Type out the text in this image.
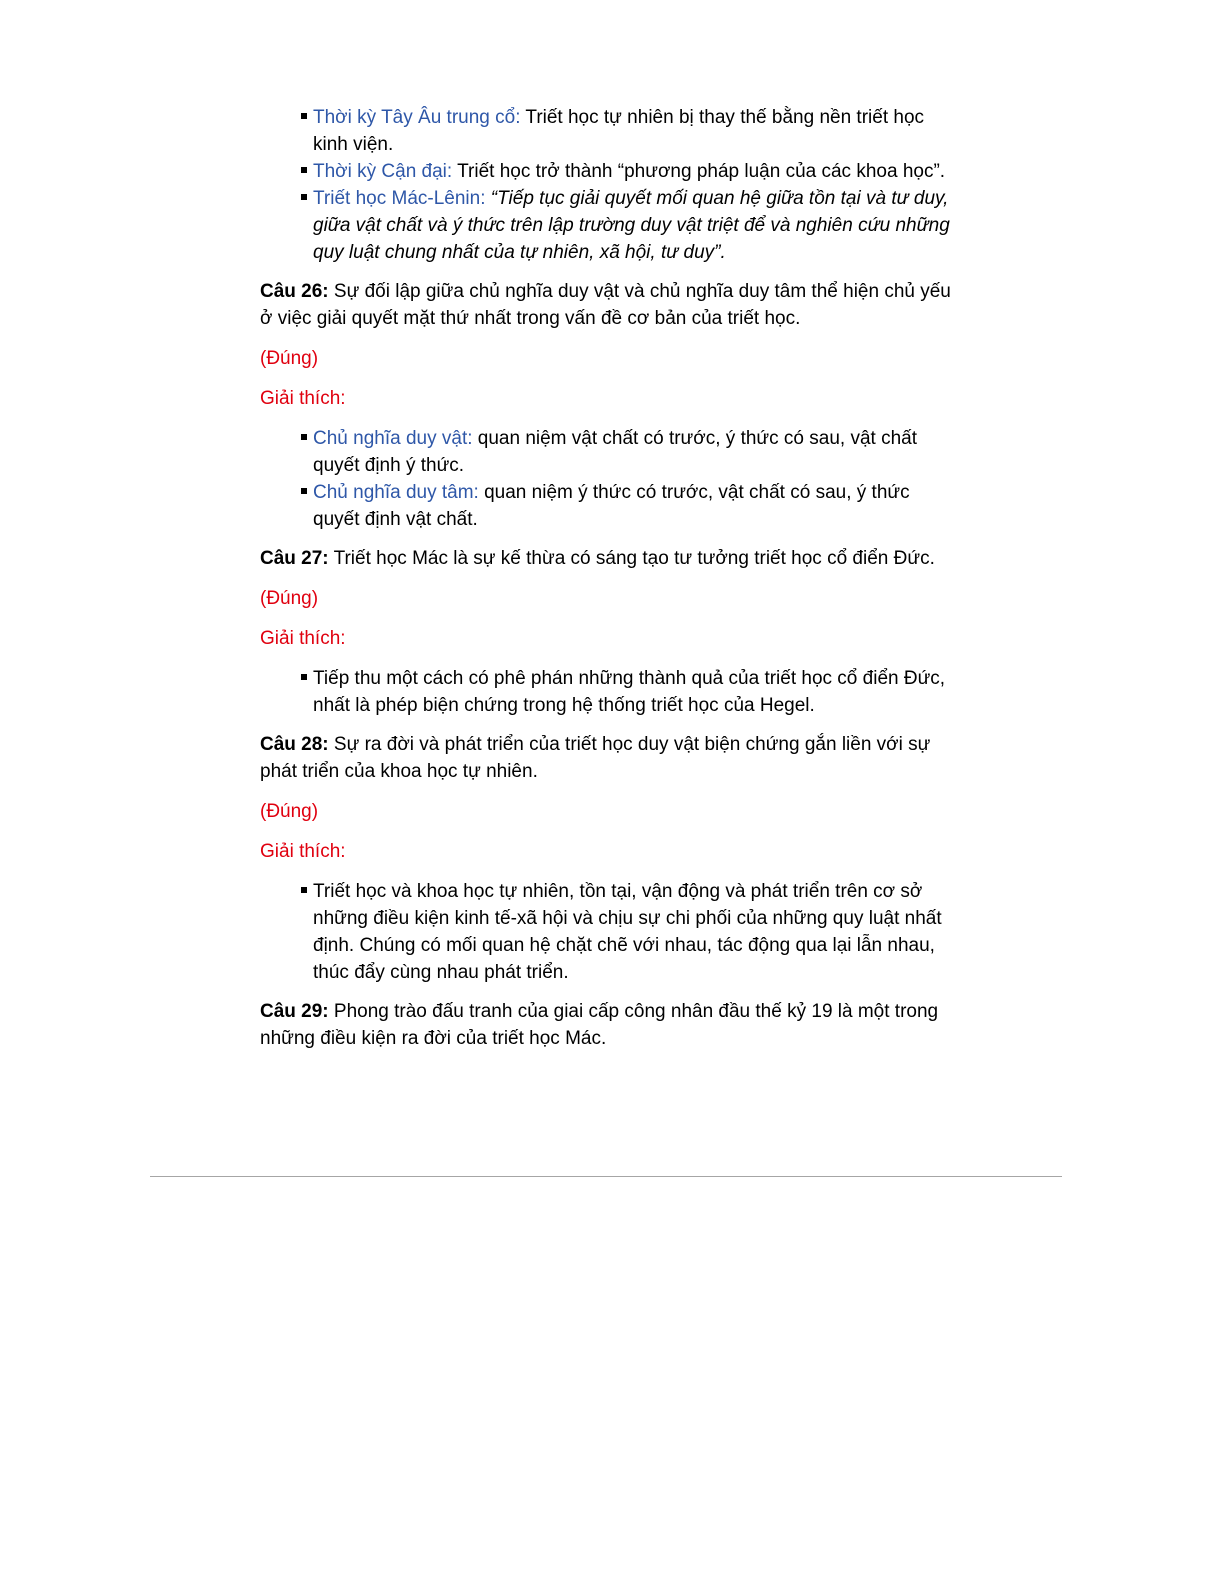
Thời kỳ Tây Âu trung cổ: Triết học tự nhiên bị thay thế bằng nền triết học kinh viện.
Thời kỳ Cận đại: Triết học trở thành “phương pháp luận của các khoa học”.
Triết học Mác-Lênin: “Tiếp tục giải quyết mối quan hệ giữa tồn tại và tư duy, giữa vật chất và ý thức trên lập trường duy vật triệt để và nghiên cứu những quy luật chung nhất của tự nhiên, xã hội, tư duy”.

Câu 26: Sự đối lập giữa chủ nghĩa duy vật và chủ nghĩa duy tâm thể hiện chủ yếu ở việc giải quyết mặt thứ nhất trong vấn đề cơ bản của triết học.

(Đúng)

Giải thích:

Chủ nghĩa duy vật: quan niệm vật chất có trước, ý thức có sau, vật chất quyết định ý thức.
Chủ nghĩa duy tâm: quan niệm ý thức có trước, vật chất có sau, ý thức quyết định vật chất.

Câu 27: Triết học Mác là sự kế thừa có sáng tạo tư tưởng triết học cổ điển Đức.

(Đúng)

Giải thích:

Tiếp thu một cách có phê phán những thành quả của triết học cổ điển Đức, nhất là phép biện chứng trong hệ thống triết học của Hegel.

Câu 28: Sự ra đời và phát triển của triết học duy vật biện chứng gắn liền với sự phát triển của khoa học tự nhiên.

(Đúng)

Giải thích:

Triết học và khoa học tự nhiên, tồn tại, vận động và phát triển trên cơ sở những điều kiện kinh tế-xã hội và chịu sự chi phối của những quy luật nhất định. Chúng có mối quan hệ chặt chẽ với nhau, tác động qua lại lẫn nhau, thúc đẩy cùng nhau phát triển.

Câu 29: Phong trào đấu tranh của giai cấp công nhân đầu thế kỷ 19 là một trong những điều kiện ra đời của triết học Mác.
